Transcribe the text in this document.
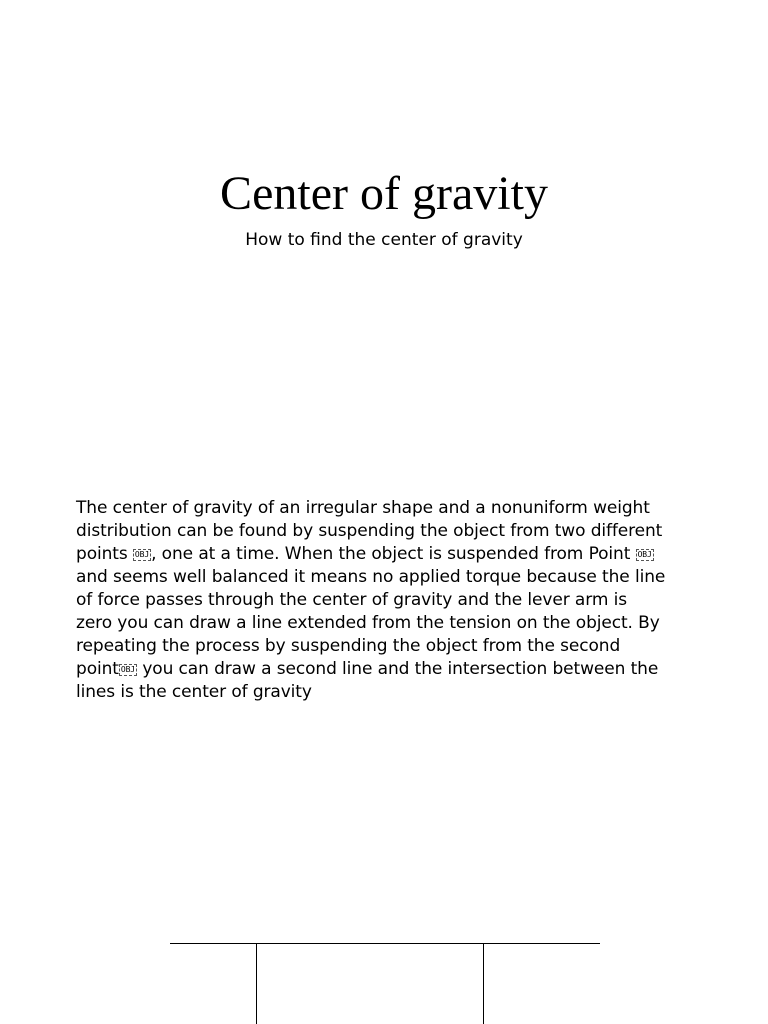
Center of gravity

How to find the center of gravity

The center of gravity of an irregular shape and a nonuniform weight distribution can be found by suspending the object from two different points OBJ , one at a time. When the object is suspended from Point OBJ and seems well balanced it means no applied torque because the line of force passes through the center of gravity and the lever arm is zero you can draw a line extended from the tension on the object. By repeating the process by suspending the object from the second point OBJ you can draw a second line and the intersection between the lines is the center of gravity
